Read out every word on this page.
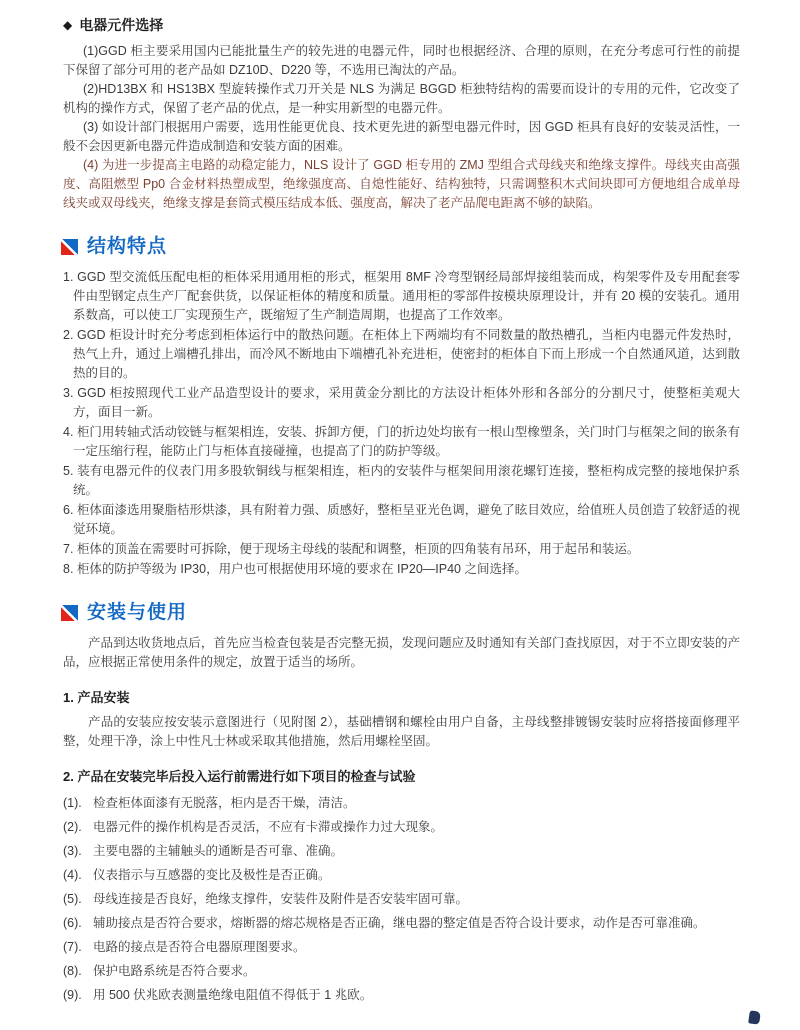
◆ 电器元件选择

(1)GGD 柜主要采用国内已能批量生产的较先进的电器元件，同时也根据经济、合理的原则，在充分考虑可行性的前提下保留了部分可用的老产品如 DZ10D、D220 等，不选用已淘汰的产品。

(2)HD13BX 和 HS13BX 型旋转操作式刀开关是 NLS 为满足 BGGD 柜独特结构的需要而设计的专用的元件，它改变了机构的操作方式，保留了老产品的优点，是一种实用新型的电器元件。

(3) 如设计部门根据用户需要，选用性能更优良、技术更先进的新型电器元件时，因 GGD 柜具有良好的安装灵活性，一般不会因更新电器元件造成制造和安装方面的困难。

(4) 为进一步提高主电路的动稳定能力，NLS 设计了 GGD 柜专用的 ZMJ 型组合式母线夹和绝缘支撑件。母线夹由高强度、高阻燃型 Pp0 合金材料热塑成型，绝缘强度高、自熄性能好、结构独特，只需调整积木式间块即可方便地组合成单母线夹或双母线夹，绝缘支撑是套筒式模压结成本低、强度高，解决了老产品爬电距离不够的缺陷。

结构特点
1. GGD 型交流低压配电柜的柜体采用通用柜的形式，框架用 8MF 冷弯型钢经局部焊接组装而成，构架零件及专用配套零件由型钢定点生产厂配套供货，以保证柜体的精度和质量。通用柜的零部件按模块原理设计，并有 20 模的安装孔。通用系数高，可以使工厂实现预生产，既缩短了生产制造周期，也提高了工作效率。
2. GGD 柜设计时充分考虑到柜体运行中的散热问题。在柜体上下两端均有不同数量的散热槽孔，当柜内电器元件发热时，热气上升，通过上端槽孔排出，而冷风不断地由下端槽孔补充进柜，使密封的柜体自下而上形成一个自然通风道，达到散热的目的。
3. GGD 柜按照现代工业产品造型设计的要求，采用黄金分割比的方法设计柜体外形和各部分的分割尺寸，使整柜美观大方，面目一新。
4. 柜门用转轴式活动铰链与框架相连，安装、拆卸方便，门的折边处均嵌有一根山型橡塑条，关门时门与框架之间的嵌条有一定压缩行程，能防止门与柜体直接碰撞，也提高了门的防护等级。
5. 装有电器元件的仪表门用多股软铜线与框架相连，柜内的安装件与框架间用滚花螺钉连接，整柜构成完整的接地保护系统。
6. 柜体面漆选用聚脂桔形烘漆，具有附着力强、质感好，整柜呈亚光色调，避免了眩目效应，给值班人员创造了较舒适的视觉环境。
7. 柜体的顶盖在需要时可拆除，便于现场主母线的装配和调整，柜顶的四角装有吊环，用于起吊和装运。
8. 柜体的防护等级为 IP30，用户也可根据使用环境的要求在 IP20—IP40 之间选择。
安装与使用

产品到达收货地点后，首先应当检查包装是否完整无损，发现问题应及时通知有关部门查找原因，对于不立即安装的产品，应根据正常使用条件的规定，放置于适当的场所。

1. 产品安装

产品的安装应按安装示意图进行（见附图 2），基础槽钢和螺栓由用户自备，主母线整排镀锡安装时应将搭接面修理平整，处理干净，涂上中性凡士林或采取其他措施，然后用螺栓坚固。

2. 产品在安装完毕后投入运行前需进行如下项目的检查与试验
(1). 检查柜体面漆有无脱落，柜内是否干燥，清洁。
(2). 电器元件的操作机构是否灵活，不应有卡滞或操作力过大现象。
(3). 主要电器的主辅触头的通断是否可靠、准确。
(4). 仪表指示与互感器的变比及极性是否正确。
(5). 母线连接是否良好，绝缘支撑件，安装件及附件是否安装牢固可靠。
(6). 辅助接点是否符合要求，熔断器的熔芯规格是否正确，继电器的整定值是否符合设计要求，动作是否可靠准确。
(7). 电路的接点是否符合电器原理图要求。
(8). 保护电路系统是否符合要求。
(9). 用 500 伏兆欧表测量绝缘电阻值不得低于 1 兆欧。
